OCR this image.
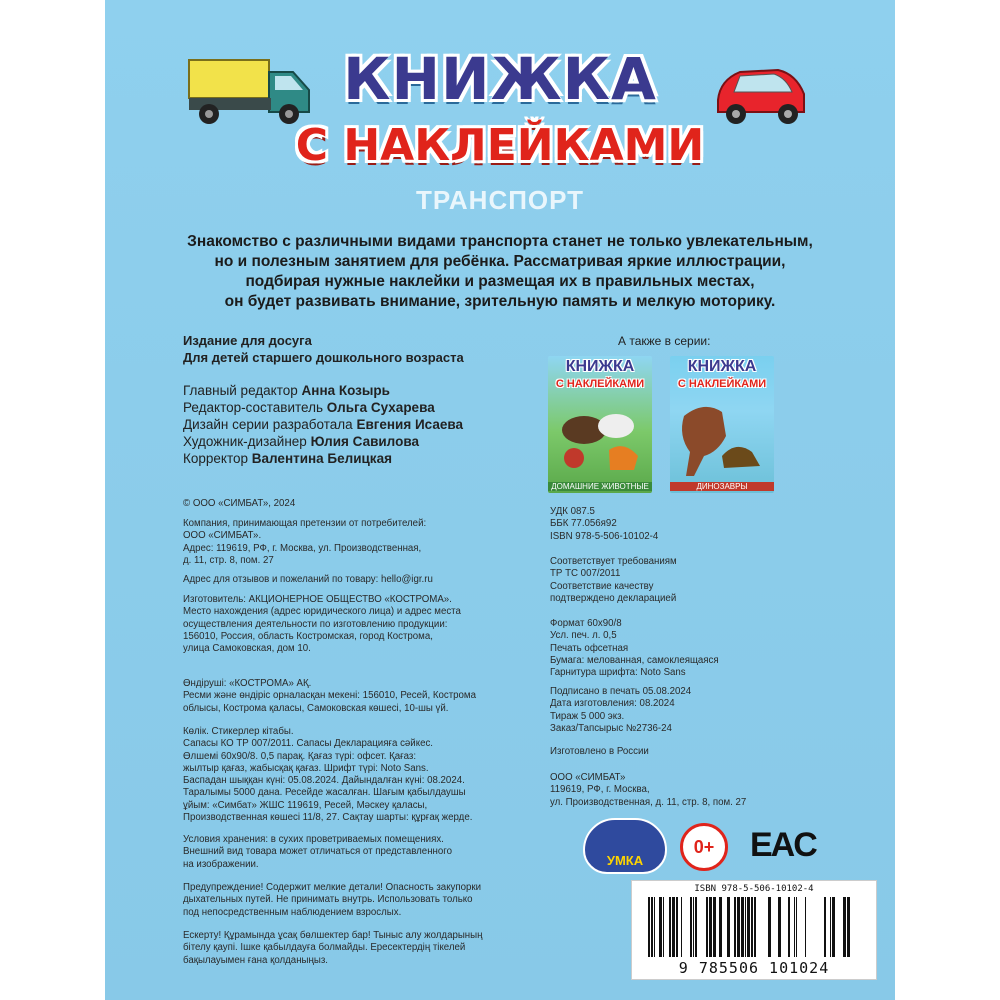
КНИЖКА
С НАКЛЕЙКАМИ
ТРАНСПОРТ
Знакомство с различными видами транспорта станет не только увлекательным,
но и полезным занятием для ребёнка. Рассматривая яркие иллюстрации,
подбирая нужные наклейки и размещая их в правильных местах,
он будет развивать внимание, зрительную память и мелкую моторику.
Издание для досуга
Для детей старшего дошкольного возраста
Главный редактор Анна Козырь
Редактор-составитель Ольга Сухарева
Дизайн серии разработала Евгения Исаева
Художник-дизайнер Юлия Савилова
Корректор Валентина Белицкая
© ООО «СИМБАТ», 2024
Компания, принимающая претензии от потребителей:
ООО «СИМБАТ».
Адрес: 119619, РФ, г. Москва, ул. Производственная,
д. 11, стр. 8, пом. 27
Адрес для отзывов и пожеланий по товару: hello@igr.ru
Изготовитель: АКЦИОНЕРНОЕ ОБЩЕСТВО «КОСТРОМА».
Место нахождения (адрес юридического лица) и адрес места
осуществления деятельности по изготовлению продукции:
156010, Россия, область Костромская, город Кострома,
улица Самоковская, дом 10.
Өндіруші: «КОСТРОМА» АҚ.
Ресми және өндіріс орналасқан мекені: 156010, Ресей, Кострома
облысы, Кострома қаласы, Самоковская көшесі, 10-шы үй.
Көлік. Стикерлер кітабы.
Сапасы КО ТР 007/2011. Сапасы Декларацияға сәйкес.
Өлшемі 60х90/8. 0,5 парақ. Қағаз түрі: офсет. Қағаз:
жылтыр қағаз, жабысқақ қағаз. Шрифт түрі: Noto Sans.
Баспадан шыққан күні: 05.08.2024. Дайындалған күні: 08.2024.
Таралымы 5000 дана. Ресейде жасалған. Шағым қабылдаушы
ұйым: «Симбат» ЖШС 119619, Ресей, Мәскеу қаласы,
Производственная көшесі 11/8, 27. Сақтау шарты: құрғақ жерде.
Условия хранения: в сухих проветриваемых помещениях.
Внешний вид товара может отличаться от представленного
на изображении.
Предупреждение! Содержит мелкие детали! Опасность закупорки
дыхательных путей. Не принимать внутрь. Использовать только
под непосредственным наблюдением взрослых.
Ескерту! Құрамында ұсақ бөлшектер бар! Тыныс алу жолдарының
бітелу қаупі. Ішке қабылдауға болмайды. Ересектердің тікелей
бақылауымен ғана қолданыңыз.
А также в серии:
КНИЖКА
С НАКЛЕЙКАМИ
ДОМАШНИЕ ЖИВОТНЫЕ
КНИЖКА
С НАКЛЕЙКАМИ
ДИНОЗАВРЫ
УДК 087.5
ББК 77.056я92
ISBN 978-5-506-10102-4
Соответствует требованиям
ТР ТС 007/2011
Соответствие качеству
подтверждено декларацией
Формат 60х90/8
Усл. печ. л. 0,5
Печать офсетная
Бумага: мелованная, самоклеящаяся
Гарнитура шрифта: Noto Sans
Подписано в печать 05.08.2024
Дата изготовления: 08.2024
Тираж 5 000 экз.
Заказ/Тапсырыс №2736-24
Изготовлено в России
ООО «СИМБАТ»
119619, РФ, г. Москва,
ул. Производственная, д. 11, стр. 8, пом. 27
УМКА
0+	EAC
ISBN 978-5-506-10102-4
9 785506 101024
